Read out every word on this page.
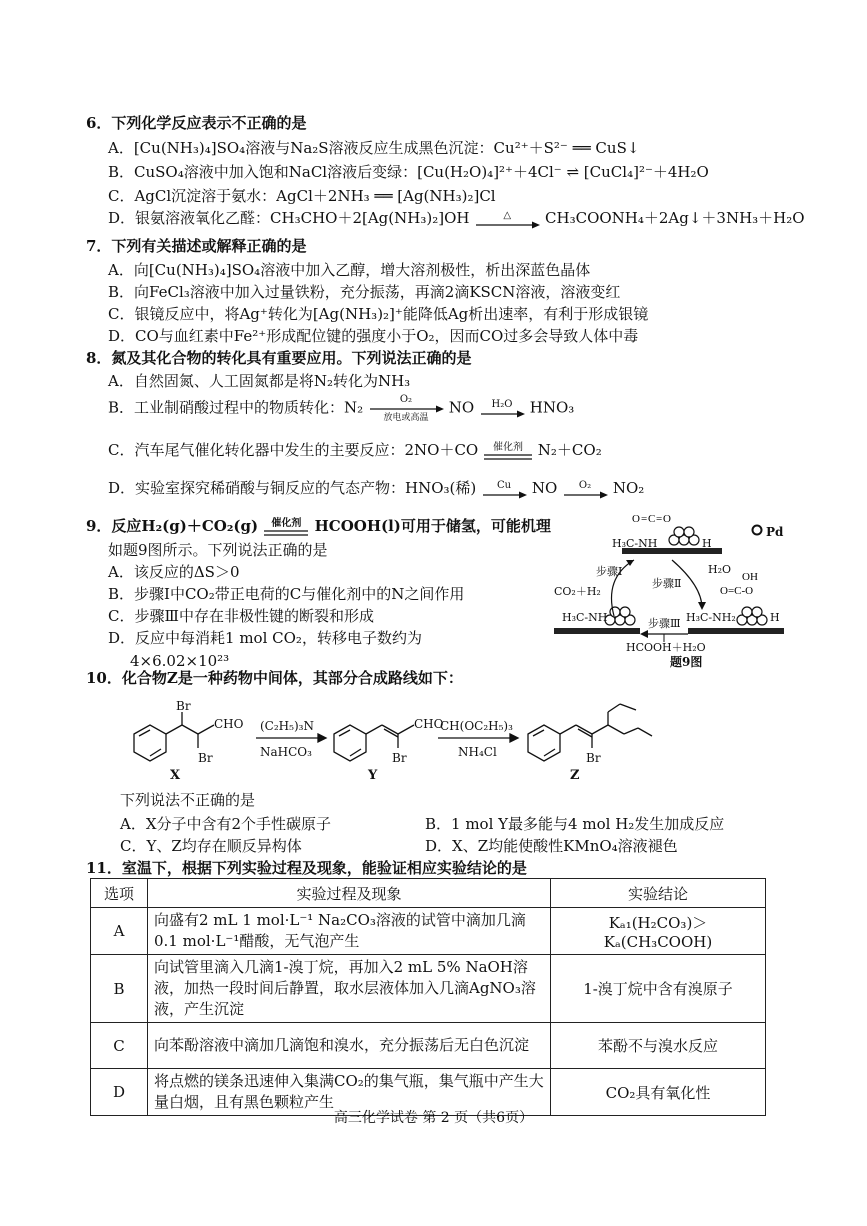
6．下列化学反应表示不正确的是
A．[Cu(NH₃)₄]SO₄溶液与Na₂S溶液反应生成黑色沉淀：Cu²⁺＋S²⁻ ══ CuS↓
B．CuSO₄溶液中加入饱和NaCl溶液后变绿：[Cu(H₂O)₄]²⁺＋4Cl⁻ ⇌ [CuCl₄]²⁻＋4H₂O
C．AgCl沉淀溶于氨水：AgCl＋2NH₃ ══ [Ag(NH₃)₂]Cl
D．银氨溶液氧化乙醛：CH₃CHO＋2[Ag(NH₃)₂]OH	△	CH₃COONH₄＋2Ag↓＋3NH₃＋H₂O
7．下列有关描述或解释正确的是
A．向[Cu(NH₃)₄]SO₄溶液中加入乙醇，增大溶剂极性，析出深蓝色晶体
B．向FeCl₃溶液中加入过量铁粉，充分振荡，再滴2滴KSCN溶液，溶液变红
C．银镜反应中，将Ag⁺转化为[Ag(NH₃)₂]⁺能降低Ag析出速率，有利于形成银镜
D．CO与血红素中Fe²⁺形成配位键的强度小于O₂，因而CO过多会导致人体中毒
8．氮及其化合物的转化具有重要应用。下列说法正确的是
A．自然固氮、人工固氮都是将N₂转化为NH₃
B．工业制硝酸过程中的物质转化：N₂	O₂
放电或高温
NO	H₂O	HNO₃
C．汽车尾气催化转化器中发生的主要反应：2NO＋CO	催化剂 N₂＋CO₂
D．实验室探究稀硝酸与铜反应的气态产物：HNO₃(稀)	Cu	NO	O₂	NO₂
9．反应H₂(g)＋CO₂(g)	催化剂 HCOOH(l)可用于储氢，可能机理
如题9图所示。下列说法正确的是
A．该反应的ΔS＞0
B．步骤Ⅰ中CO₂带正电荷的C与催化剂中的N之间作用
C．步骤Ⅲ中存在非极性键的断裂和形成
D．反应中每消耗1 mol CO₂，转移电子数约为
4×6.02×10²³
O = C = O
OH
O=C-O
Pd
H₃C-NH	H
H₃C-NH	H₃C-NH₂	H
步骤Ⅰ
CO₂＋H₂
步骤Ⅱ
H₂O
步骤Ⅲ
HCOOH＋H₂O
题9图
10．化合物Z是一种药物中间体，其部分合成路线如下：
Br
CHO
Br
X
(C₂H₅)₃N
NaHCO₃
CHO
Br
Y
CH(OC₂H₅)₃
NH₄Cl	Br
Z
下列说法不正确的是
A．X分子中含有2个手性碳原子	B．1 mol Y最多能与4 mol H₂发生加成反应
C．Y、Z均存在顺反异构体	D．X、Z均能使酸性KMnO₄溶液褪色
11．室温下，根据下列实验过程及现象，能验证相应实验结论的是
选项	实验过程及现象	实验结论
A	向盛有2 mL 1 mol·L⁻¹ Na₂CO₃溶液的试管中滴加几滴0.1 mol·L⁻¹醋酸，无气泡产生	Kₐ₁(H₂CO₃)＞Kₐ(CH₃COOH)
B	向试管里滴入几滴1-溴丁烷，再加入2 mL 5% NaOH溶液，加热一段时间后静置，取水层液体加入几滴AgNO₃溶液，产生沉淀	1-溴丁烷中含有溴原子
C	向苯酚溶液中滴加几滴饱和溴水，充分振荡后无白色沉淀	苯酚不与溴水反应
D	将点燃的镁条迅速伸入集满CO₂的集气瓶，集气瓶中产生大量白烟，且有黑色颗粒产生	CO₂具有氧化性
高三化学试卷 第 2 页（共6页）
